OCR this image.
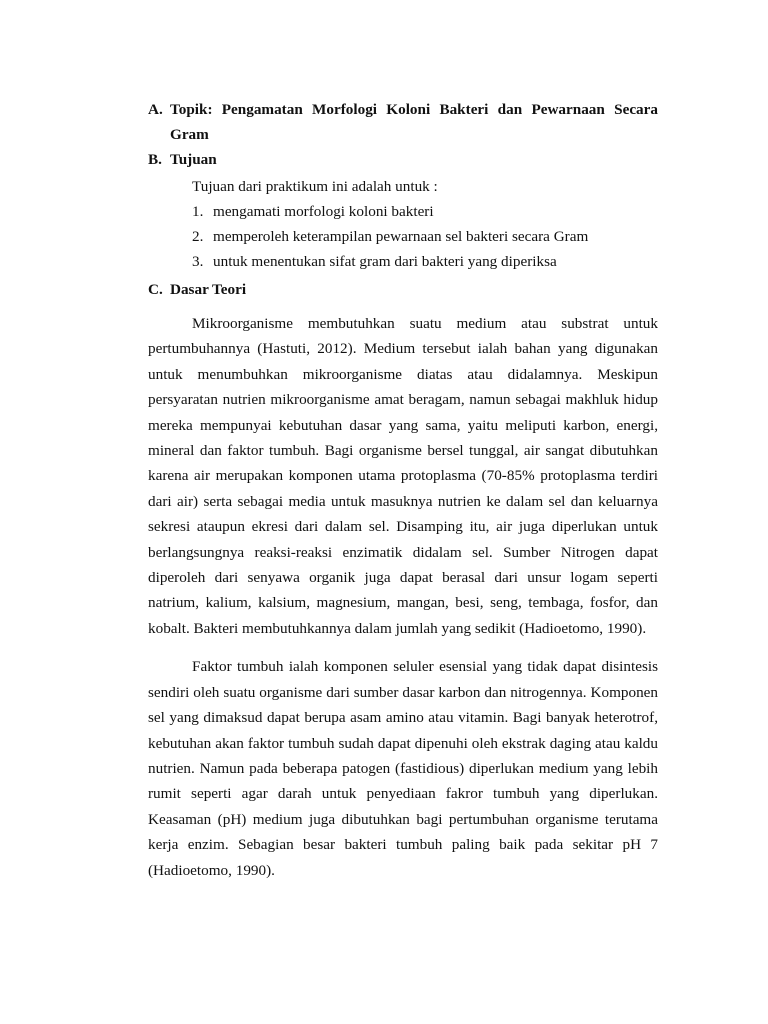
A. Topik: Pengamatan Morfologi Koloni Bakteri dan Pewarnaan Secara
Gram
B. Tujuan
Tujuan dari praktikum ini adalah untuk :
1. mengamati morfologi koloni bakteri
2. memperoleh keterampilan pewarnaan sel bakteri secara Gram
3. untuk menentukan sifat gram dari bakteri yang diperiksa
C. Dasar Teori

Mikroorganisme membutuhkan suatu medium atau substrat untuk pertumbuhannya (Hastuti, 2012). Medium tersebut ialah bahan yang digunakan untuk menumbuhkan mikroorganisme diatas atau didalamnya. Meskipun persyaratan nutrien mikroorganisme amat beragam, namun sebagai makhluk hidup mereka mempunyai kebutuhan dasar yang sama, yaitu meliputi karbon, energi, mineral dan faktor tumbuh. Bagi organisme bersel tunggal, air sangat dibutuhkan karena air merupakan komponen utama protoplasma (70-85% protoplasma terdiri dari air) serta sebagai media untuk masuknya nutrien ke dalam sel dan keluarnya sekresi ataupun ekresi dari dalam sel. Disamping itu, air juga diperlukan untuk berlangsungnya reaksi-reaksi enzimatik didalam sel. Sumber Nitrogen dapat diperoleh dari senyawa organik juga dapat berasal dari unsur logam seperti natrium, kalium, kalsium, magnesium, mangan, besi, seng, tembaga, fosfor, dan kobalt. Bakteri membutuhkannya dalam jumlah yang sedikit (Hadioetomo, 1990).

Faktor tumbuh ialah komponen seluler esensial yang tidak dapat disintesis sendiri oleh suatu organisme dari sumber dasar karbon dan nitrogennya. Komponen sel yang dimaksud dapat berupa asam amino atau vitamin. Bagi banyak heterotrof, kebutuhan akan faktor tumbuh sudah dapat dipenuhi oleh ekstrak daging atau kaldu nutrien. Namun pada beberapa patogen (fastidious) diperlukan medium yang lebih rumit seperti agar darah untuk penyediaan fakror tumbuh yang diperlukan. Keasaman (pH) medium juga dibutuhkan bagi pertumbuhan organisme terutama kerja enzim. Sebagian besar bakteri tumbuh paling baik pada sekitar pH 7 (Hadioetomo, 1990).
